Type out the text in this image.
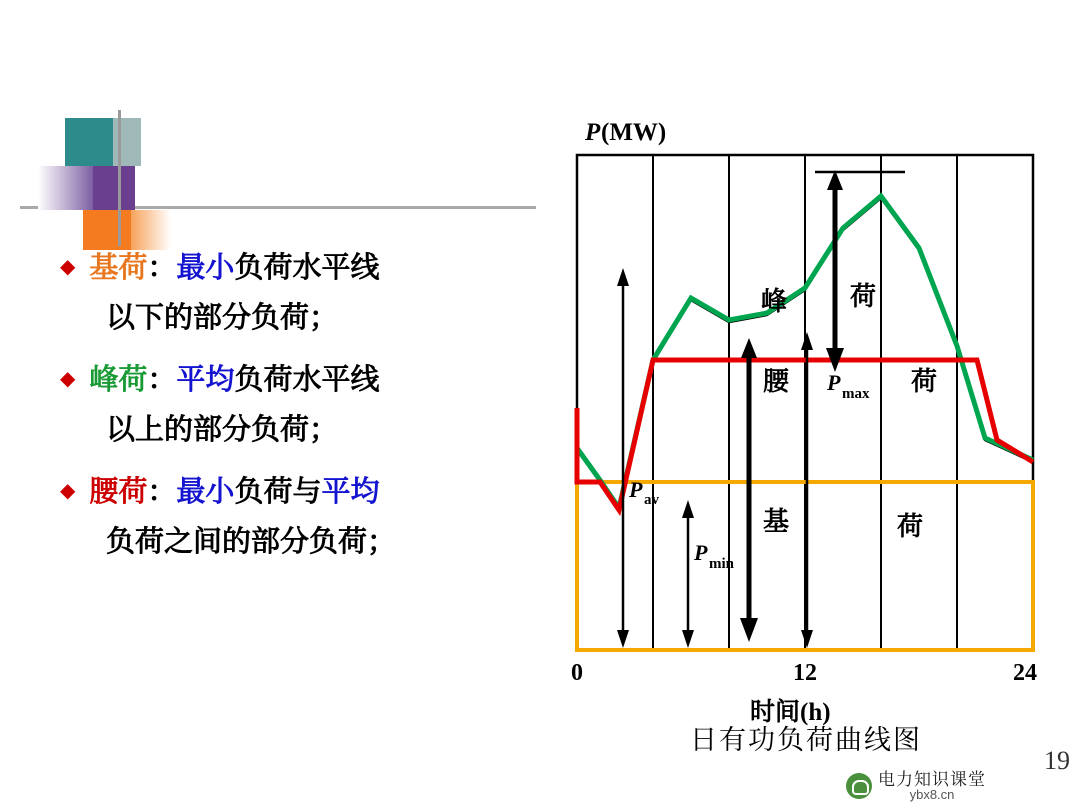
◆ 基荷：最小负荷水平线
以下的部分负荷；
◆ 峰荷：平均负荷水平线
以上的部分负荷；
◆ 腰荷：最小负荷与平均
负荷之间的部分负荷；
P (MW)
P av
P min
峰 荷
腰	荷
P max
基	荷
0	12	24
时间(h)
日有功负荷曲线图
19
电力知识课堂
ybx8.cn
